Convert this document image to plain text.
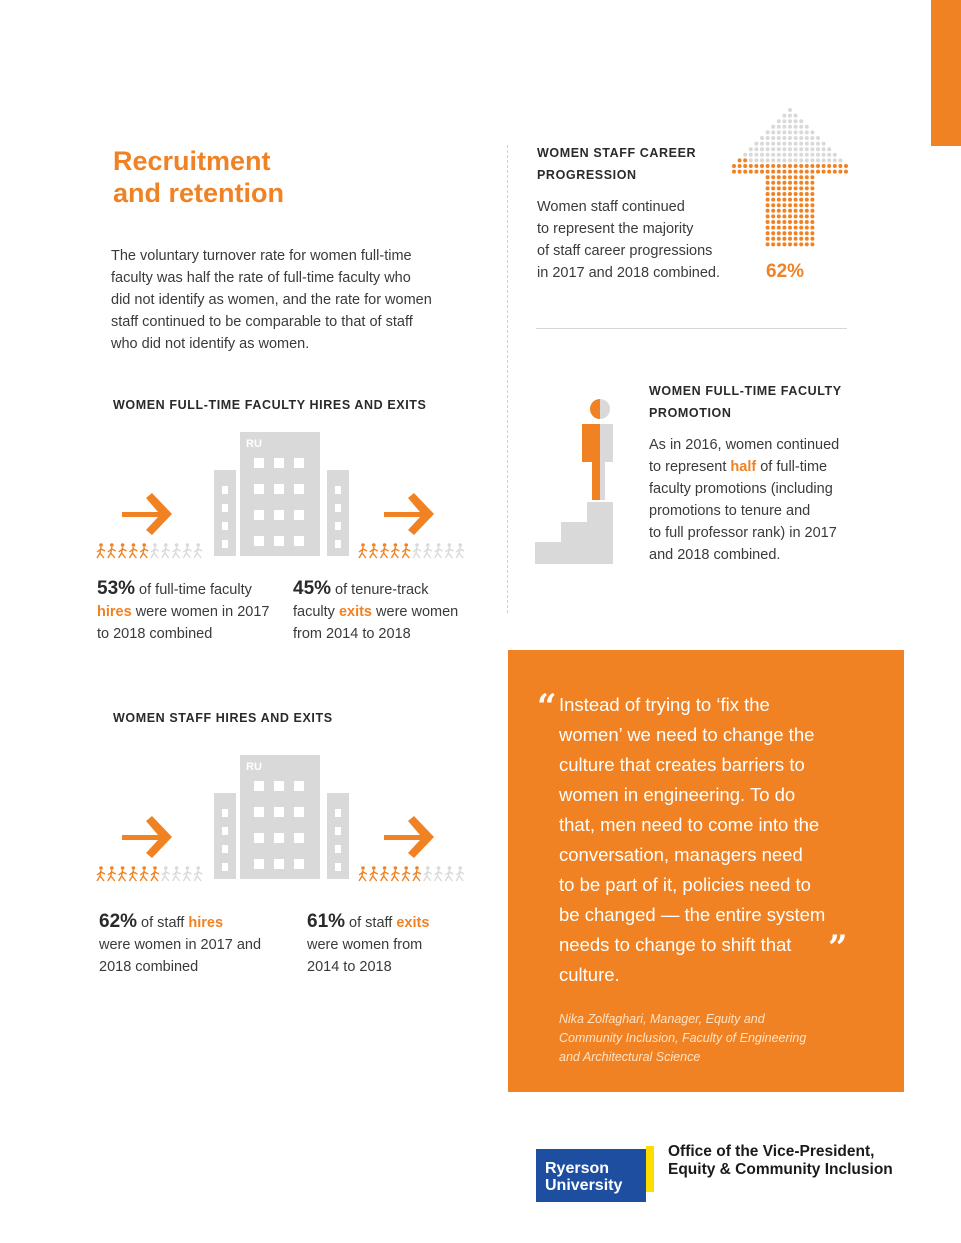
Recruitment
and retention
The voluntary turnover rate for women full-time
faculty was half the rate of full-time faculty who
did not identify as women, and the rate for women
staff continued to be comparable to that of staff
who did not identify as women.
WOMEN STAFF CAREER
PROGRESSION
Women staff continued
to represent the majority
of staff career progressions
in 2017 and 2018 combined. 62%
WOMEN FULL-TIME FACULTY
PROMOTION
As in 2016, women continued
to represent half of full-time
faculty promotions (including
promotions to tenure and
to full professor rank) in 2017
and 2018 combined.
WOMEN FULL-TIME FACULTY HIRES AND EXITS
RU
53% of full-time faculty
hires were women in 2017
to 2018 combined
45% of tenure-track
faculty exits were women
from 2014 to 2018
WOMEN STAFF HIRES AND EXITS
RU
62% of staff hires
were women in 2017 and
2018 combined
61% of staff exits
were women from
2014 to 2018
“ Instead of trying to ‘fix the
women’ we need to change the
culture that creates barriers to
women in engineering. To do
that, men need to come into the
conversation, managers need
to be part of it, policies need to
be changed — the entire system
needs to change to shift that
culture.
”
Nika Zolfaghari, Manager, Equity and
Community Inclusion, Faculty of Engineering
and Architectural Science
Ryerson
University
Office of the Vice-President,
Equity & Community Inclusion
